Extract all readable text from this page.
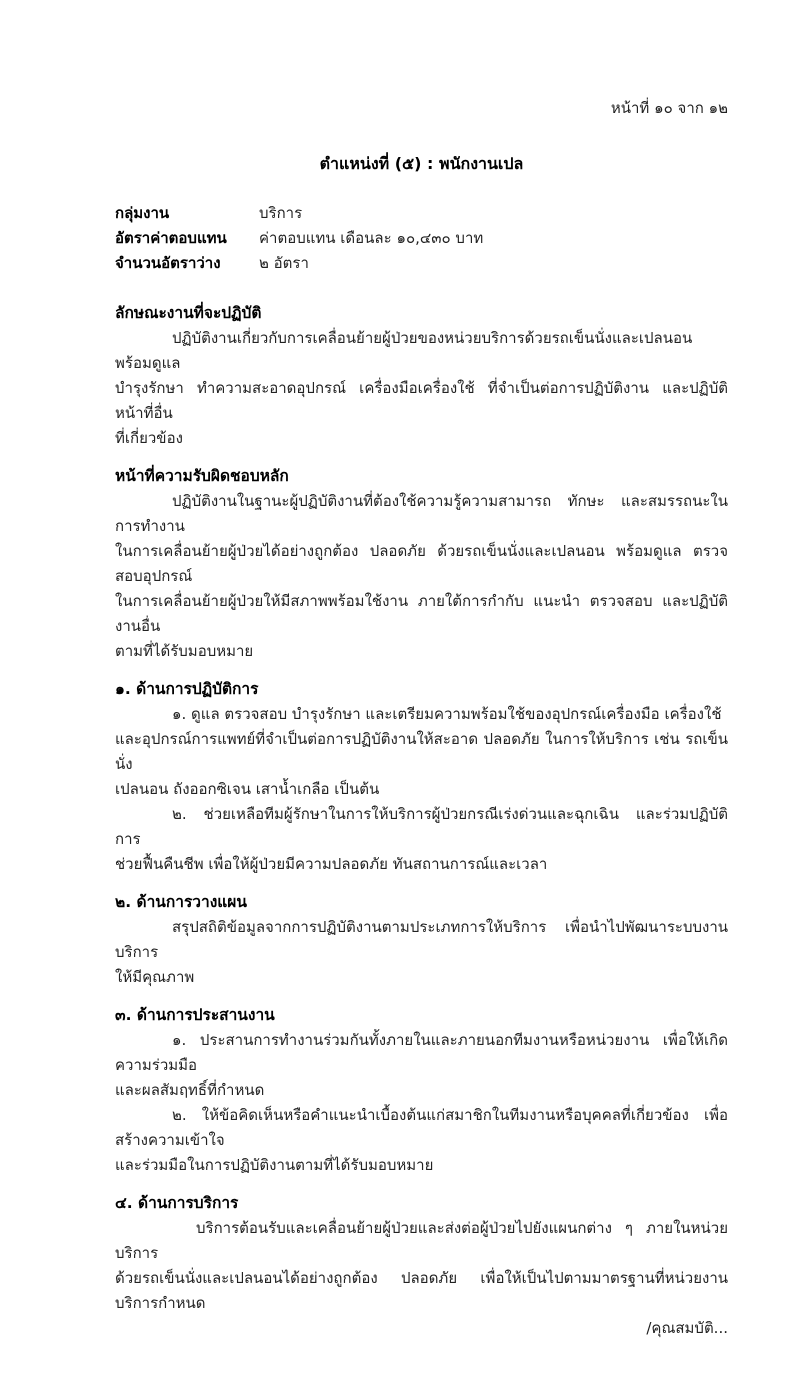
หน้าที่ ๑๐ จาก ๑๒
ตำแหน่งที่ (๕) : พนักงานเปล
กลุ่มงาน	บริการ
อัตราค่าตอบแทน	ค่าตอบแทน เดือนละ ๑๐,๔๓๐ บาท
จำนวนอัตราว่าง	๒ อัตรา
ลักษณะงานที่จะปฏิบัติ
ปฏิบัติงานเกี่ยวกับการเคลื่อนย้ายผู้ป่วยของหน่วยบริการด้วยรถเข็นนั่งและเปลนอน พร้อมดูแล
บำรุงรักษา ทำความสะอาดอุปกรณ์ เครื่องมือเครื่องใช้ ที่จำเป็นต่อการปฏิบัติงาน และปฏิบัติหน้าที่อื่น
ที่เกี่ยวข้อง
หน้าที่ความรับผิดชอบหลัก
ปฏิบัติงานในฐานะผู้ปฏิบัติงานที่ต้องใช้ความรู้ความสามารถ ทักษะ และสมรรถนะในการทำงาน
ในการเคลื่อนย้ายผู้ป่วยได้อย่างถูกต้อง ปลอดภัย ด้วยรถเข็นนั่งและเปลนอน พร้อมดูแล ตรวจสอบอุปกรณ์
ในการเคลื่อนย้ายผู้ป่วยให้มีสภาพพร้อมใช้งาน ภายใต้การกำกับ แนะนำ ตรวจสอบ และปฏิบัติงานอื่น
ตามที่ได้รับมอบหมาย
๑. ด้านการปฏิบัติการ
๑. ดูแล ตรวจสอบ บำรุงรักษา และเตรียมความพร้อมใช้ของอุปกรณ์เครื่องมือ เครื่องใช้
และอุปกรณ์การแพทย์ที่จำเป็นต่อการปฏิบัติงานให้สะอาด ปลอดภัย ในการให้บริการ เช่น รถเข็นนั่ง
เปลนอน ถังออกซิเจน เสาน้ำเกลือ เป็นต้น
๒. ช่วยเหลือทีมผู้รักษาในการให้บริการผู้ป่วยกรณีเร่งด่วนและฉุกเฉิน และร่วมปฏิบัติการ
ช่วยฟื้นคืนชีพ เพื่อให้ผู้ป่วยมีความปลอดภัย ทันสถานการณ์และเวลา
๒. ด้านการวางแผน
สรุปสถิติข้อมูลจากการปฏิบัติงานตามประเภทการให้บริการ เพื่อนำไปพัฒนาระบบงานบริการ
ให้มีคุณภาพ
๓. ด้านการประสานงาน
๑. ประสานการทำงานร่วมกันทั้งภายในและภายนอกทีมงานหรือหน่วยงาน เพื่อให้เกิดความร่วมมือ
และผลสัมฤทธิ์ที่กำหนด
๒. ให้ข้อคิดเห็นหรือคำแนะนำเบื้องต้นแก่สมาชิกในทีมงานหรือบุคคลที่เกี่ยวข้อง เพื่อสร้างความเข้าใจ
และร่วมมือในการปฏิบัติงานตามที่ได้รับมอบหมาย
๔. ด้านการบริการ
บริการต้อนรับและเคลื่อนย้ายผู้ป่วยและส่งต่อผู้ป่วยไปยังแผนกต่าง ๆ ภายในหน่วยบริการ
ด้วยรถเข็นนั่งและเปลนอนได้อย่างถูกต้อง ปลอดภัย เพื่อให้เป็นไปตามมาตรฐานที่หน่วยงานบริการกำหนด
/คุณสมบัติ...
